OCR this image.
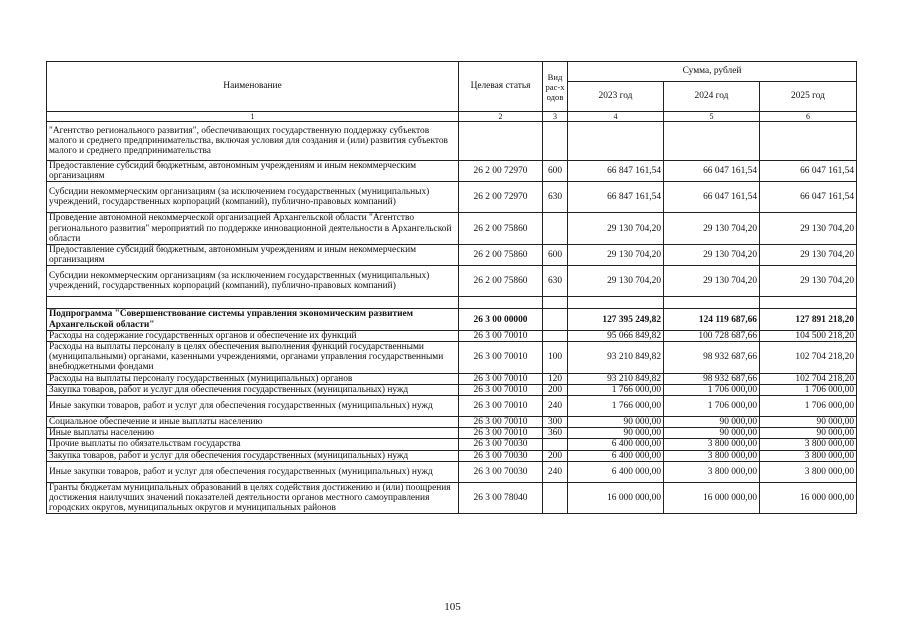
Наименование	Целевая статья	Вид рас-ходов	Сумма, рублей		
			2023 год	2024 год	2025 год
1	2	3	4	5	6
"Агентство регионального развития", обеспечивающих государственную поддержку субъектов малого и среднего предпринимательства, включая условия для создания и (или) развития субъектов малого и среднего предпринимательства					
Предоставление субсидий бюджетным, автономным учреждениям и иным некоммерческим организациям	26 2 00 72970	600	66 847 161,54	66 047 161,54	66 047 161,54
Субсидии некоммерческим организациям (за исключением государственных (муниципальных) учреждений, государственных корпораций (компаний), публично-правовых компаний)	26 2 00 72970	630	66 847 161,54	66 047 161,54	66 047 161,54
Проведение автономной некоммерческой организацией Архангельской области "Агентство регионального развития" мероприятий по поддержке инновационной деятельности в Архангельской области	26 2 00 75860		29 130 704,20	29 130 704,20	29 130 704,20
Предоставление субсидий бюджетным, автономным учреждениям и иным некоммерческим организациям	26 2 00 75860	600	29 130 704,20	29 130 704,20	29 130 704,20
Субсидии некоммерческим организациям (за исключением государственных (муниципальных) учреждений, государственных корпораций (компаний), публично-правовых компаний)	26 2 00 75860	630	29 130 704,20	29 130 704,20	29 130 704,20

Подпрограмма "Совершенствование системы управления экономическим развитием Архангельской области"	26 3 00 00000		127 395 249,82	124 119 687,66	127 891 218,20
Расходы на содержание государственных органов и обеспечение их функций	26 3 00 70010		95 066 849,82	100 728 687,66	104 500 218,20
Расходы на выплаты персоналу в целях обеспечения выполнения функций государственными (муниципальными) органами, казенными учреждениями, органами управления государственными внебюджетными фондами	26 3 00 70010	100	93 210 849,82	98 932 687,66	102 704 218,20
Расходы на выплаты персоналу государственных (муниципальных) органов	26 3 00 70010	120	93 210 849,82	98 932 687,66	102 704 218,20
Закупка товаров, работ и услуг для обеспечения государственных (муниципальных) нужд	26 3 00 70010	200	1 766 000,00	1 706 000,00	1 706 000,00
Иные закупки товаров, работ и услуг для обеспечения государственных (муниципальных) нужд	26 3 00 70010	240	1 766 000,00	1 706 000,00	1 706 000,00
Социальное обеспечение и иные выплаты населению	26 3 00 70010	300	90 000,00	90 000,00	90 000,00
Иные выплаты населению	26 3 00 70010	360	90 000,00	90 000,00	90 000,00
Прочие выплаты по обязательствам государства	26 3 00 70030		6 400 000,00	3 800 000,00	3 800 000,00
Закупка товаров, работ и услуг для обеспечения государственных (муниципальных) нужд	26 3 00 70030	200	6 400 000,00	3 800 000,00	3 800 000,00
Иные закупки товаров, работ и услуг для обеспечения государственных (муниципальных) нужд	26 3 00 70030	240	6 400 000,00	3 800 000,00	3 800 000,00
Гранты бюджетам муниципальных образований в целях содействия достижению и (или) поощрения достижения наилучших значений показателей деятельности органов местного самоуправления городских округов, муниципальных округов и муниципальных районов	26 3 00 78040		16 000 000,00	16 000 000,00	16 000 000,00
105
